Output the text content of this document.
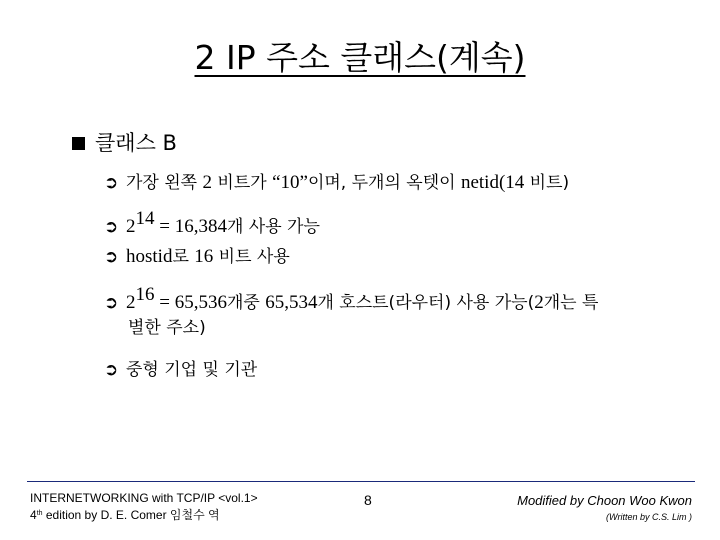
2 IP 주소 클래스(계속)
클래스 B
➲ 가장 왼쪽 2 비트가 “10”이며, 두개의 옥텟이 netid(14 비트)
➲ $2^{14} = 16,384$개 사용 가능
➲ hostid로 16 비트 사용
➲ $2^{16} = 65,536$개중 65,534개 호스트(라우터) 사용 가능(2개는 특
별한 주소)
➲ 중형 기업 및 기관
INTERNETWORKING with TCP/IP <vol.1>
4th edition by D. E. Comer 임철수 역
8	Modified by Choon Woo Kwon
(Written by C.S. Lim )
